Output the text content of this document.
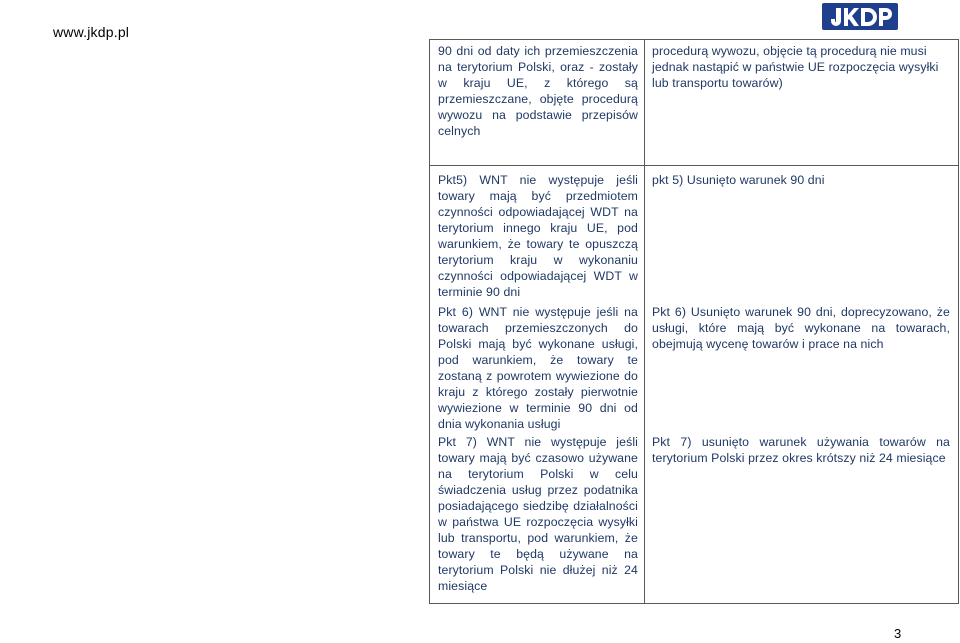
www.jkdp.pl

90 dni od daty ich przemieszczenia na terytorium Polski, oraz - zostały w kraju UE, z którego są przemieszczane, objęte procedurą wywozu na podstawie przepisów celnych

procedurą wywozu, objęcie tą procedurą nie musi jednak nastąpić w państwie UE rozpoczęcia wysyłki lub transportu towarów)

Pkt5) WNT nie występuje jeśli towary mają być przedmiotem czynności odpowiadającej WDT na terytorium innego kraju UE, pod warunkiem, że towary te opuszczą terytorium kraju w wykonaniu czynności odpowiadającej WDT w terminie 90 dni

Pkt 6) WNT nie występuje jeśli na towarach przemieszczonych do Polski mają być wykonane usługi, pod warunkiem, że towary te zostaną z powrotem wywiezione do kraju z którego zostały pierwotnie wywiezione w terminie 90 dni od dnia wykonania usługi

Pkt 7) WNT nie występuje jeśli towary mają być czasowo używane na terytorium Polski w celu świadczenia usług przez podatnika posiadającego siedzibę działalności w państwa UE rozpoczęcia wysyłki lub transportu, pod warunkiem, że towary te będą używane na terytorium Polski nie dłużej niż 24 miesiące

pkt 5) Usunięto warunek 90 dni

Pkt 6) Usunięto warunek 90 dni, doprecyzowano, że usługi, które mają być wykonane na towarach, obejmują wycenę towarów i prace na nich

Pkt 7) usunięto warunek używania towarów na terytorium Polski przez okres krótszy niż 24 miesiące

3
